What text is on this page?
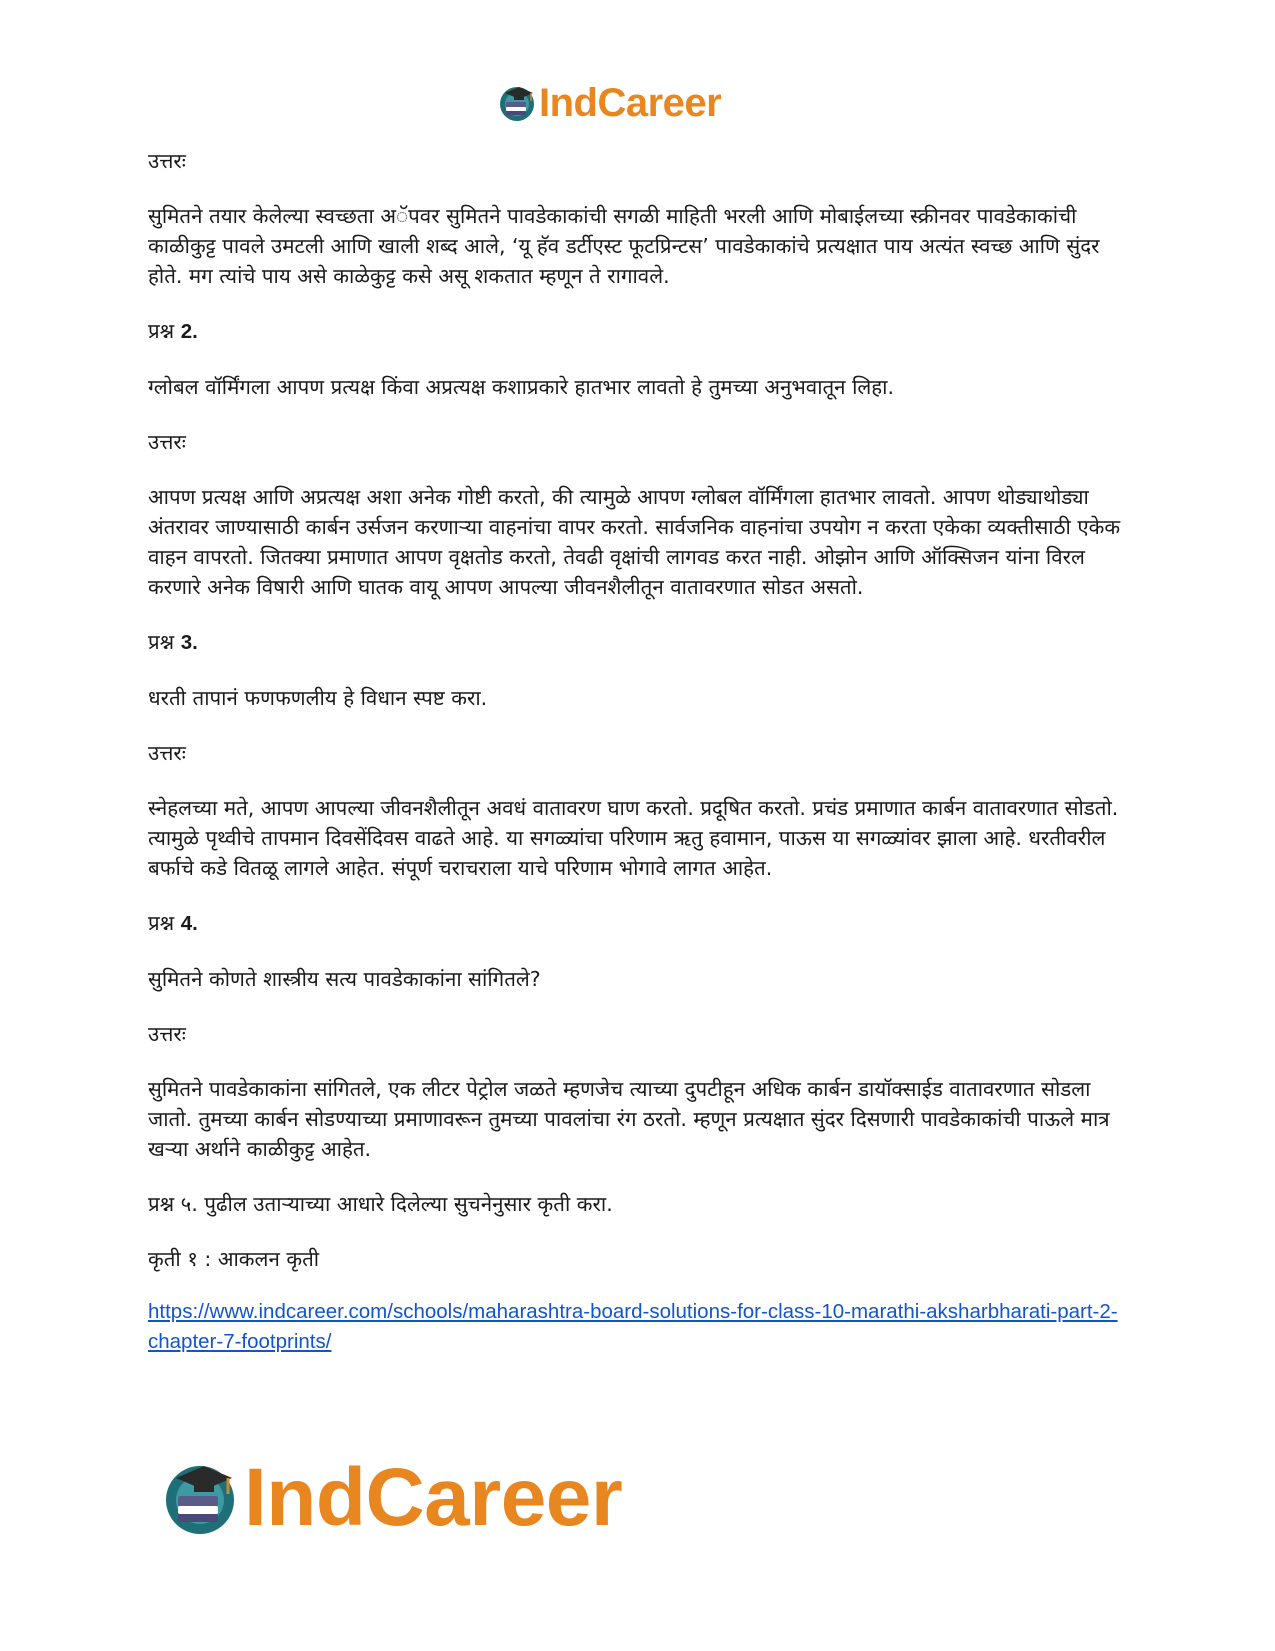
IndCareer
उत्तरः

सुमितने तयार केलेल्या स्वच्छता अॅपवर सुमितने पावडेकाकांची सगळी माहिती भरली आणि मोबाईलच्या स्क्रीनवर पावडेकाकांची काळीकुट्ट पावले उमटली आणि खाली शब्द आले, ‘यू हॅव डर्टीएस्ट फूटप्रिन्टस’ पावडेकाकांचे प्रत्यक्षात पाय अत्यंत स्वच्छ आणि सुंदर होते. मग त्यांचे पाय असे काळेकुट्ट कसे असू शकतात म्हणून ते रागावले.

प्रश्न 2.

ग्लोबल वॉर्मिंगला आपण प्रत्यक्ष किंवा अप्रत्यक्ष कशाप्रकारे हातभार लावतो हे तुमच्या अनुभवातून लिहा.

उत्तरः

आपण प्रत्यक्ष आणि अप्रत्यक्ष अशा अनेक गोष्टी करतो, की त्यामुळे आपण ग्लोबल वॉर्मिंगला हातभार लावतो. आपण थोड्याथोड्या अंतरावर जाण्यासाठी कार्बन उर्सजन करणाऱ्या वाहनांचा वापर करतो. सार्वजनिक वाहनांचा उपयोग न करता एकेका व्यक्तीसाठी एकेक वाहन वापरतो. जितक्या प्रमाणात आपण वृक्षतोड करतो, तेवढी वृक्षांची लागवड करत नाही. ओझोन आणि ऑक्सिजन यांना विरल करणारे अनेक विषारी आणि घातक वायू आपण आपल्या जीवनशैलीतून वातावरणात सोडत असतो.

प्रश्न 3.

धरती तापानं फणफणलीय हे विधान स्पष्ट करा.

उत्तरः

स्नेहलच्या मते, आपण आपल्या जीवनशैलीतून अवधं वातावरण घाण करतो. प्रदूषित करतो. प्रचंड प्रमाणात कार्बन वातावरणात सोडतो. त्यामुळे पृथ्वीचे तापमान दिवसेंदिवस वाढते आहे. या सगळ्यांचा परिणाम ऋतु हवामान, पाऊस या सगळ्यांवर झाला आहे. धरतीवरील बर्फाचे कडे वितळू लागले आहेत. संपूर्ण चराचराला याचे परिणाम भोगावे लागत आहेत.

प्रश्न 4.

सुमितने कोणते शास्त्रीय सत्य पावडेकाकांना सांगितले?

उत्तरः

सुमितने पावडेकाकांना सांगितले, एक लीटर पेट्रोल जळते म्हणजेच त्याच्या दुपटीहून अधिक कार्बन डायॉक्साईड वातावरणात सोडला जातो. तुमच्या कार्बन सोडण्याच्या प्रमाणावरून तुमच्या पावलांचा रंग ठरतो. म्हणून प्रत्यक्षात सुंदर दिसणारी पावडेकाकांची पाऊले मात्र खऱ्या अर्थाने काळीकुट्ट आहेत.

प्रश्न ५. पुढील उताऱ्याच्या आधारे दिलेल्या सुचनेनुसार कृती करा.

कृती १ : आकलन कृती

https://www.indcareer.com/schools/maharashtra-board-solutions-for-class-10-marathi-aksharbharati-part-2-chapter-7-footprints/
IndCareer
